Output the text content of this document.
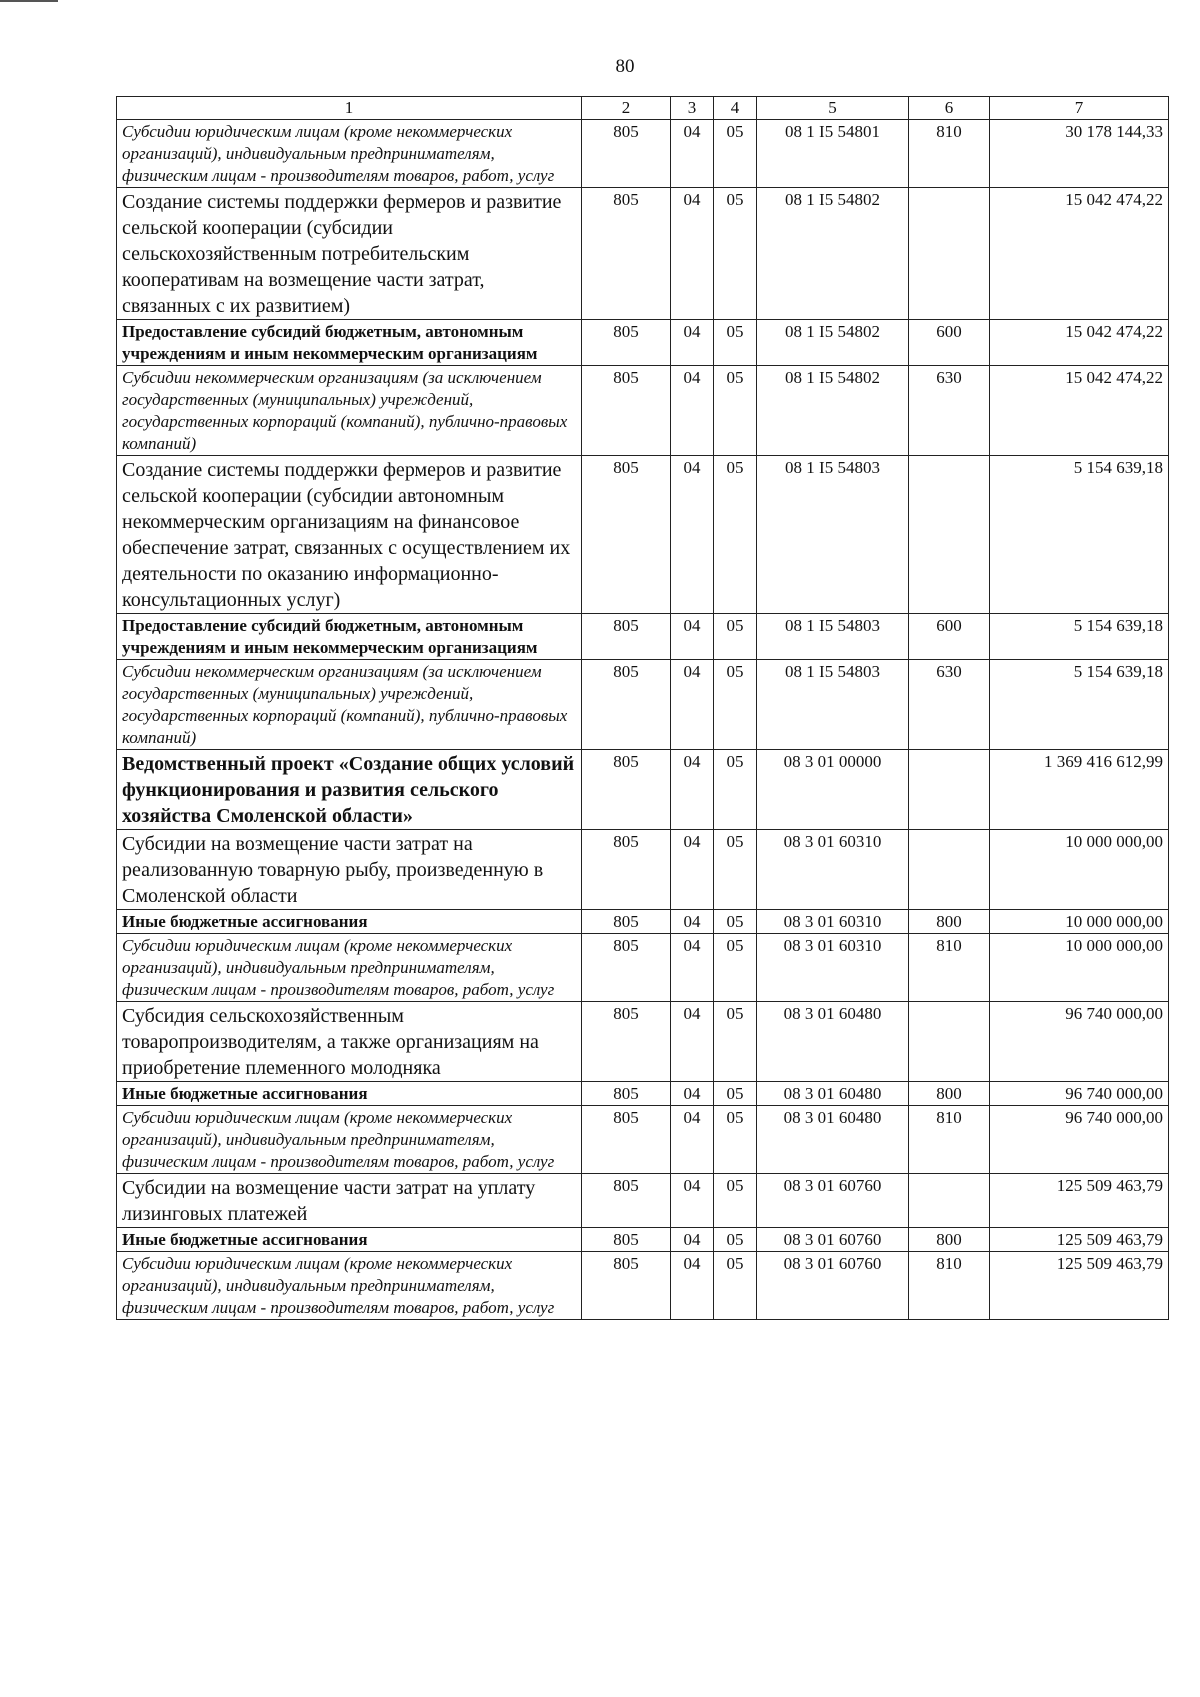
80
1	2	3	4	5	6	7
Субсидии юридическим лицам (кроме некоммерческих организаций), индивидуальным предпринимателям, физическим лицам - производителям товаров, работ, услуг	805	04	05	08 1 I5 54801	810	30 178 144,33
Создание системы поддержки фермеров и развитие сельской кооперации (субсидии сельскохозяйственным потребительским кооперативам на возмещение части затрат, связанных с их развитием)	805	04	05	08 1 I5 54802		15 042 474,22
Предоставление субсидий бюджетным, автономным учреждениям и иным некоммерческим организациям	805	04	05	08 1 I5 54802	600	15 042 474,22
Субсидии некоммерческим организациям (за исключением государственных (муниципальных) учреждений, государственных корпораций (компаний), публично-правовых компаний)	805	04	05	08 1 I5 54802	630	15 042 474,22
Создание системы поддержки фермеров и развитие сельской кооперации (субсидии автономным некоммерческим организациям на финансовое обеспечение затрат, связанных с осуществлением их деятельности по оказанию информационно-консультационных услуг)	805	04	05	08 1 I5 54803		5 154 639,18
Предоставление субсидий бюджетным, автономным учреждениям и иным некоммерческим организациям	805	04	05	08 1 I5 54803	600	5 154 639,18
Субсидии некоммерческим организациям (за исключением государственных (муниципальных) учреждений, государственных корпораций (компаний), публично-правовых компаний)	805	04	05	08 1 I5 54803	630	5 154 639,18
Ведомственный проект «Создание общих условий функционирования и развития сельского хозяйства Смоленской области»	805	04	05	08 3 01 00000		1 369 416 612,99
Субсидии на возмещение части затрат на реализованную товарную рыбу, произведенную в Смоленской области	805	04	05	08 3 01 60310		10 000 000,00
Иные бюджетные ассигнования	805	04	05	08 3 01 60310	800	10 000 000,00
Субсидии юридическим лицам (кроме некоммерческих организаций), индивидуальным предпринимателям, физическим лицам - производителям товаров, работ, услуг	805	04	05	08 3 01 60310	810	10 000 000,00
Субсидия сельскохозяйственным товаропроизводителям, а также организациям на приобретение племенного молодняка	805	04	05	08 3 01 60480		96 740 000,00
Иные бюджетные ассигнования	805	04	05	08 3 01 60480	800	96 740 000,00
Субсидии юридическим лицам (кроме некоммерческих организаций), индивидуальным предпринимателям, физическим лицам - производителям товаров, работ, услуг	805	04	05	08 3 01 60480	810	96 740 000,00
Субсидии на возмещение части затрат на уплату лизинговых платежей	805	04	05	08 3 01 60760		125 509 463,79
Иные бюджетные ассигнования	805	04	05	08 3 01 60760	800	125 509 463,79
Субсидии юридическим лицам (кроме некоммерческих организаций), индивидуальным предпринимателям, физическим лицам - производителям товаров, работ, услуг	805	04	05	08 3 01 60760	810	125 509 463,79
